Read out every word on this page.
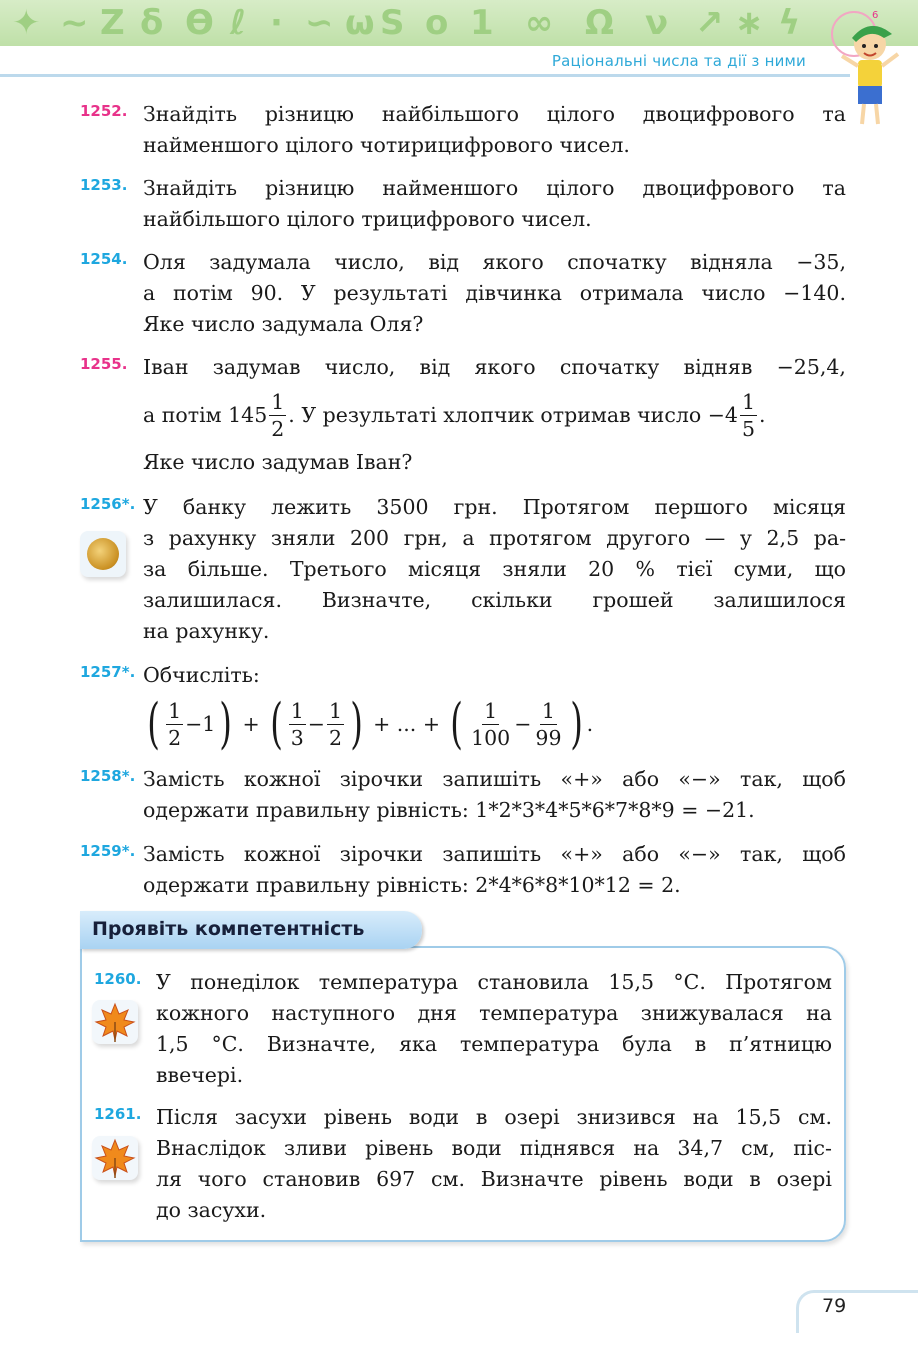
✦ ~ Z δ Ѳ ℓ ∙ ∽ ω S o 1 ∞ Ω ν ↗ ∗ ϟ
Раціональні числа та дії з ними
6
1252. Знайдіть різницю найбільшого цілого двоцифрового та
найменшого цілого чотирицифрового чисел.
1253. Знайдіть різницю найменшого цілого двоцифрового та
найбільшого цілого трицифрового чисел.
1254. Оля задумала число, від якого спочатку відняла −35,
а потім 90. У результаті дівчинка отримала число −140.
Яке число задумала Оля?
1255. Іван задумав число, від якого спочатку відняв −25,4,
а потім $145 \frac{1}{2}$ . У результаті хлопчик отримав число $-4 \frac{1}{5}$ .
Яке число задумав Іван?
1256*. У банку лежить 3500 грн. Протягом першого місяця
з рахунку зняли 200 грн, а протягом другого — у 2,5 ра-
за більше. Третього місяця зняли 20 % тієї суми, що
залишилася. Визначте, скільки грошей залишилося
на рахунку.
1257*. Обчисліть:
( $\frac{1}{2} -1$ ) + ( $\frac{1}{3} - \frac{1}{2}$ ) + ... + ( $\frac{1}{100} - \frac{1}{99}$ ) .
1258*. Замість кожної зірочки запишіть «+» або «−» так, щоб
одержати правильну рівність: 1*2*3*4*5*6*7*8*9 = −21.
1259*. Замість кожної зірочки запишіть «+» або «−» так, щоб
одержати правильну рівність: 2*4*6*8*10*12 = 2.
Проявіть компетентність
1260. У понеділок температура становила 15,5 °С. Протягом
кожного наступного дня температура знижувалася на
1,5 °С. Визначте, яка температура була в п’ятницю
ввечері.
1261. Після засухи рівень води в озері знизився на 15,5 см.
Внаслідок зливи рівень води піднявся на 34,7 см, піс-
ля чого становив 697 см. Визначте рівень води в озері
до засухи.
79
